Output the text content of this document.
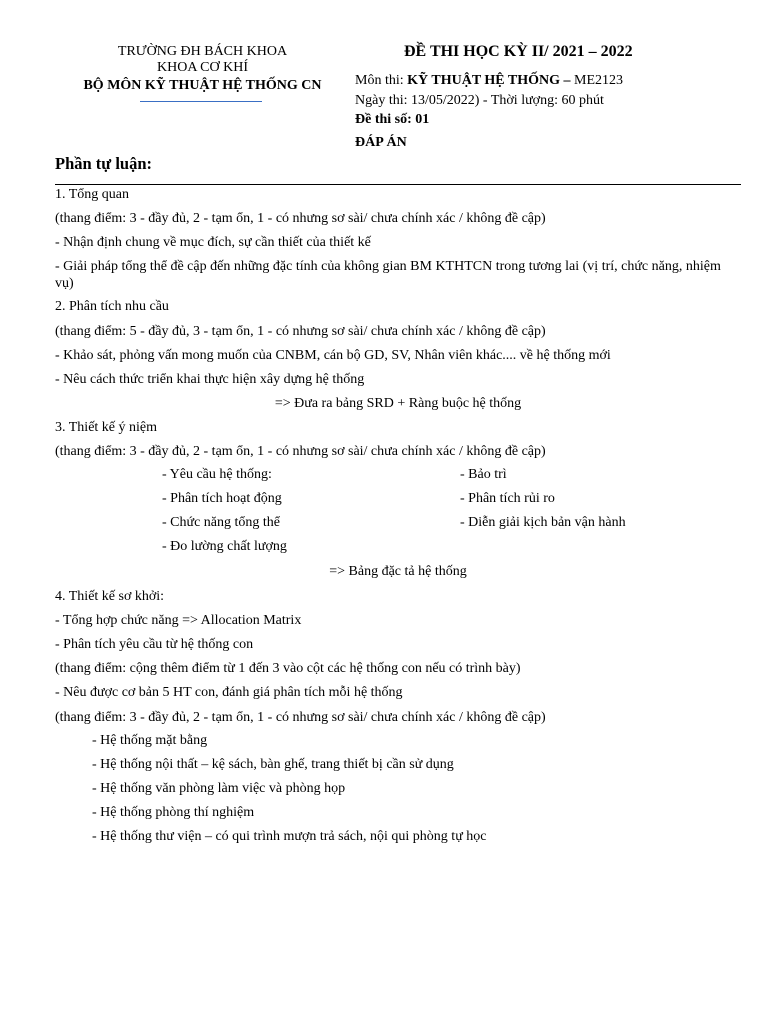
TRƯỜNG ĐH BÁCH KHOA
KHOA CƠ KHÍ
BỘ MÔN KỸ THUẬT HỆ THỐNG CN
ĐỀ THI HỌC KỲ II/ 2021 – 2022
Môn thi: KỸ THUẬT HỆ THỐNG – ME2123
Ngày thi: 13/05/2022) - Thời lượng: 60 phút
Đề thi số: 01
ĐÁP ÁN
Phần tự luận:
1. Tổng quan
(thang điểm: 3 - đầy đủ, 2 - tạm ổn, 1 - có nhưng sơ sài/ chưa chính xác / không đề cập)
- Nhận định chung về mục đích, sự cần thiết của thiết kế
- Giải pháp tổng thể đề cập đến những đặc tính của không gian BM KTHTCN trong tương lai (vị trí, chức năng, nhiệm vụ)
2. Phân tích nhu cầu
(thang điểm: 5 - đầy đủ, 3 - tạm ổn, 1 - có nhưng sơ sài/ chưa chính xác / không đề cập)
- Khảo sát, phỏng vấn mong muốn của CNBM, cán bộ GD, SV, Nhân viên khác.... về hệ thống mới
- Nêu cách thức triển khai thực hiện xây dựng hệ thống
=> Đưa ra bảng SRD + Ràng buộc hệ thống
3. Thiết kế ý niệm
(thang điểm: 3 - đầy đủ, 2 - tạm ổn, 1 - có nhưng sơ sài/ chưa chính xác / không đề cập)
- Yêu cầu hệ thống:
- Phân tích hoạt động
- Chức năng tổng thể
- Đo lường chất lượng
- Bảo trì
- Phân tích rủi ro
- Diễn giải kịch bản vận hành
=> Bảng đặc tả hệ thống
4. Thiết kế sơ khởi:
- Tổng hợp chức năng => Allocation Matrix
- Phân tích yêu cầu từ hệ thống con
(thang điểm: cộng thêm điểm từ 1 đến 3 vào cột các hệ thống con nếu có trình bày)
- Nêu được cơ bản 5 HT con, đánh giá phân tích mỗi hệ thống
(thang điểm: 3 - đầy đủ, 2 - tạm ổn, 1 - có nhưng sơ sài/ chưa chính xác / không đề cập)
- Hệ thống mặt bằng
- Hệ thống nội thất – kệ sách, bàn ghế, trang thiết bị cần sử dụng
- Hệ thống văn phòng làm việc và phòng họp
- Hệ thống phòng thí nghiệm
- Hệ thống thư viện – có qui trình mượn trả sách, nội qui phòng tự học
